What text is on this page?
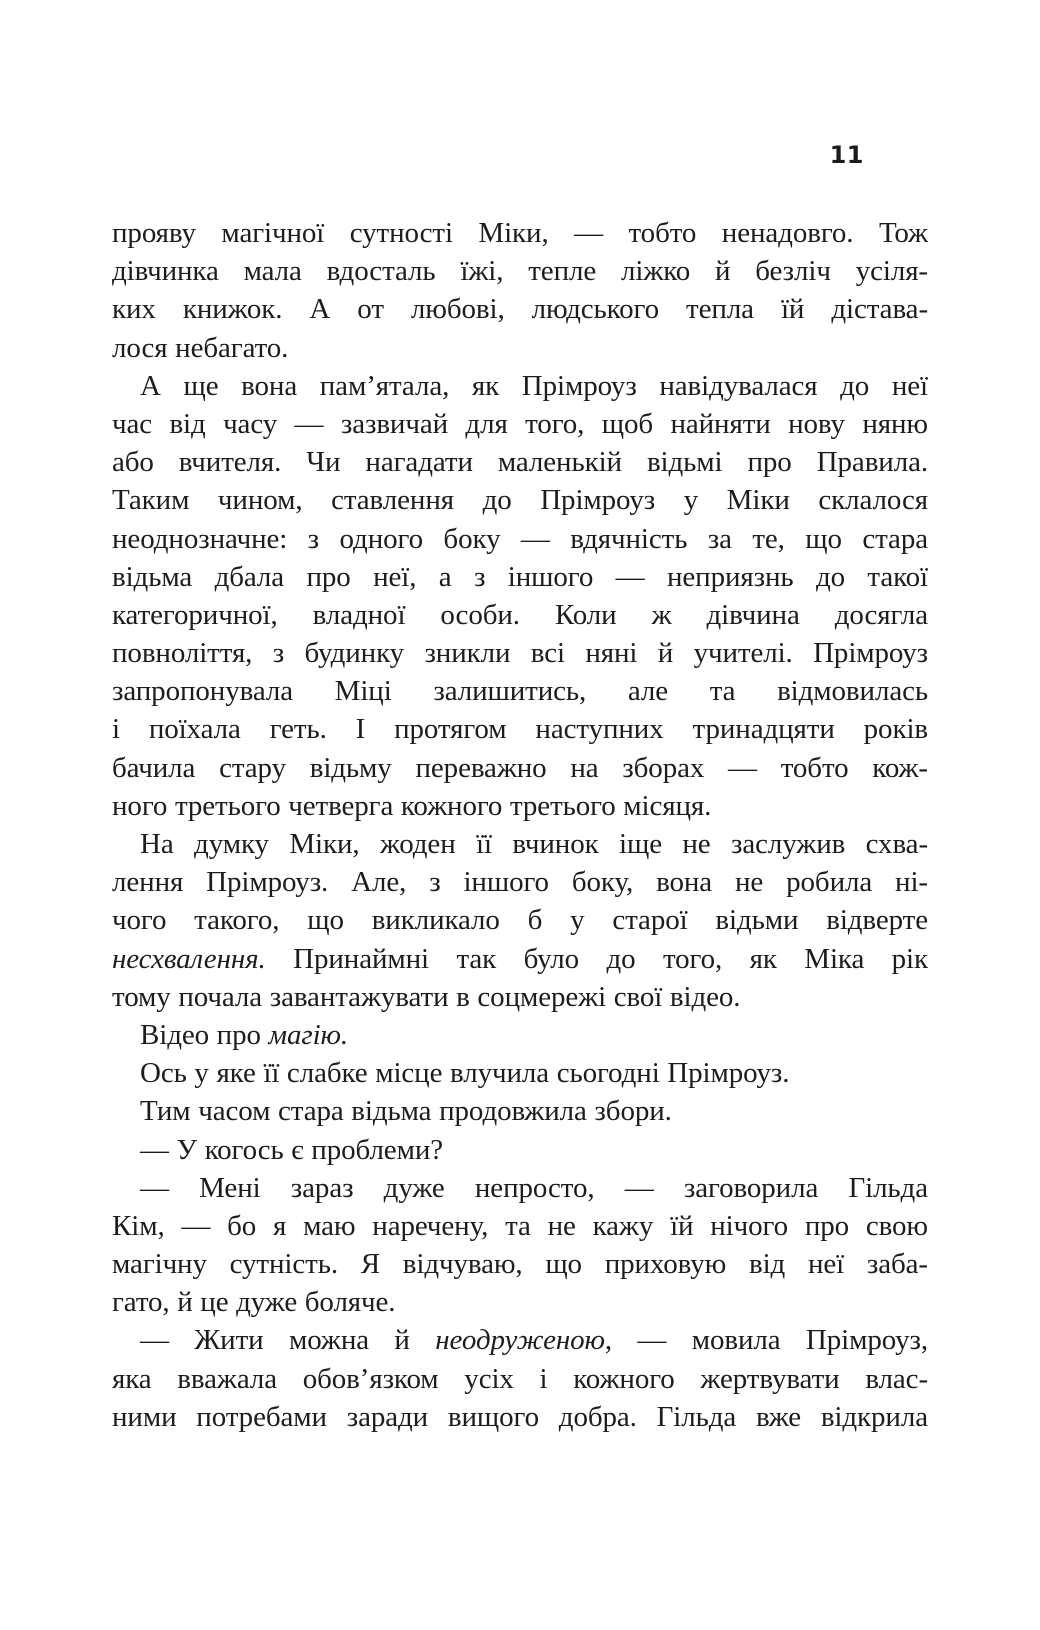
11
прояву магічної сутності Міки, — тобто ненадовго. Тож
дівчинка мала вдосталь їжі, тепле ліжко й безліч усіля-
ких книжок. А от любові, людського тепла їй дістава-
лося небагато.
А ще вона пам’ятала, як Прімроуз навідувалася до неї
час від часу — зазвичай для того, щоб найняти нову няню
або вчителя. Чи нагадати маленькій відьмі про Правила.
Таким чином, ставлення до Прімроуз у Міки склалося
неоднозначне: з одного боку — вдячність за те, що стара
відьма дбала про неї, а з іншого — неприязнь до такої
категоричної, владної особи. Коли ж дівчина досягла
повноліття, з будинку зникли всі няні й учителі. Прімроуз
запропонувала Міці залишитись, але та відмовилась
і поїхала геть. І протягом наступних тринадцяти років
бачила стару відьму переважно на зборах — тобто кож-
ного третього четверга кожного третього місяця.
На думку Міки, жоден її вчинок іще не заслужив схва-
лення Прімроуз. Але, з іншого боку, вона не робила ні-
чого такого, що викликало б у старої відьми відверте
несхвалення. Принаймні так було до того, як Міка рік
тому почала завантажувати в соцмережі свої відео.
Відео про магію.
Ось у яке її слабке місце влучила сьогодні Прімроуз.
Тим часом стара відьма продовжила збори.
— У когось є проблеми?
— Мені зараз дуже непросто, — заговорила Гільда
Кім, — бо я маю наречену, та не кажу їй нічого про свою
магічну сутність. Я відчуваю, що приховую від неї заба-
гато, й це дуже боляче.
— Жити можна й неодруженою, — мовила Прімроуз,
яка вважала обов’язком усіх і кожного жертвувати влас-
ними потребами заради вищого добра. Гільда вже відкрила
